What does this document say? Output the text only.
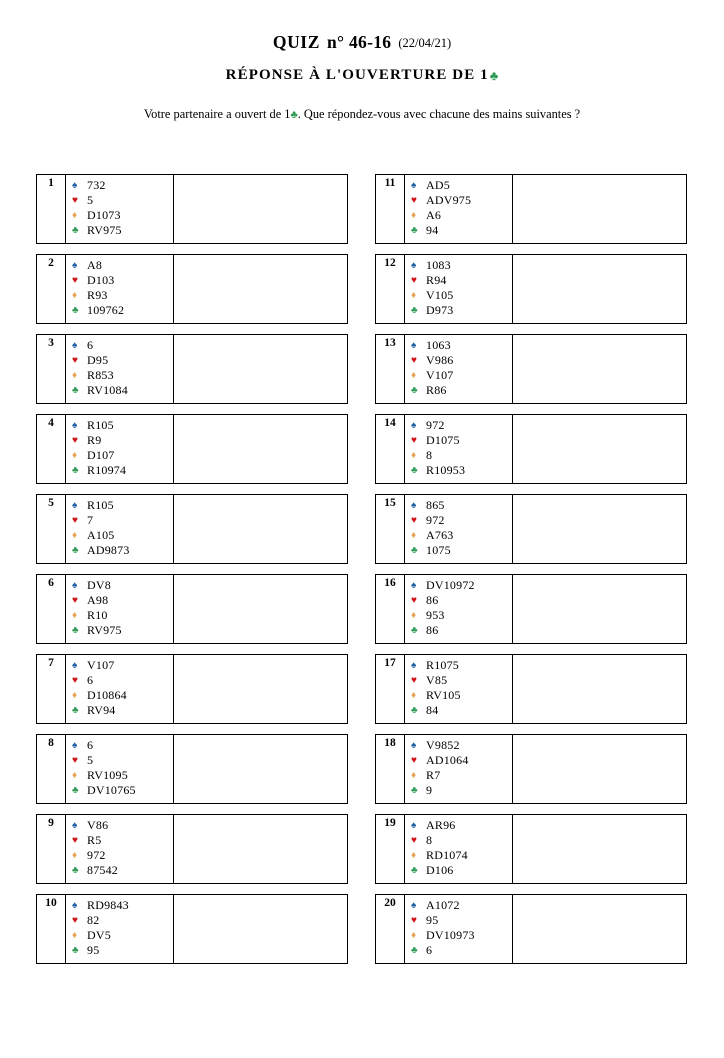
QUIZ n° 46-16 (22/04/21)
RÉPONSE À L'OUVERTURE DE 1♣
Votre partenaire a ouvert de 1♣. Que répondez-vous avec chacune des mains suivantes ?
1 ♠ 732
♥ 5
♦ D1073
♣ RV975
2 ♠ A8
♥ D103
♦ R93
♣ 109762
3 ♠ 6
♥ D95
♦ R853
♣ RV1084
4 ♠ R105
♥ R9
♦ D107
♣ R10974
5 ♠ R105
♥ 7
♦ A105
♣ AD9873
6 ♠ DV8
♥ A98
♦ R10
♣ RV975
7 ♠ V107
♥ 6
♦ D10864
♣ RV94
8 ♠ 6
♥ 5
♦ RV1095
♣ DV10765
9 ♠ V86
♥ R5
♦ 972
♣ 87542
10 ♠ RD9843
♥ 82
♦ DV5
♣ 95
11 ♠ AD5
♥ ADV975
♦ A6
♣ 94
12 ♠ 1083
♥ R94
♦ V105
♣ D973
13 ♠ 1063
♥ V986
♦ V107
♣ R86
14 ♠ 972
♥ D1075
♦ 8
♣ R10953
15 ♠ 865
♥ 972
♦ A763
♣ 1075
16 ♠ DV10972
♥ 86
♦ 953
♣ 86
17 ♠ R1075
♥ V85
♦ RV105
♣ 84
18 ♠ V9852
♥ AD1064
♦ R7
♣ 9
19 ♠ AR96
♥ 8
♦ RD1074
♣ D106
20 ♠ A1072
♥ 95
♦ DV10973
♣ 6
